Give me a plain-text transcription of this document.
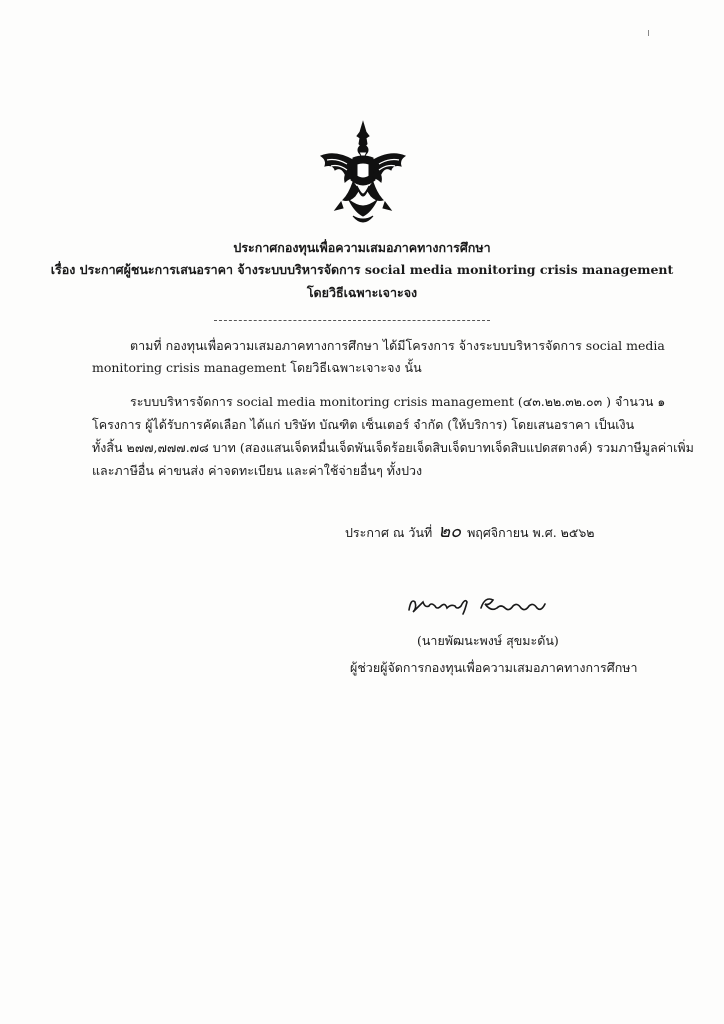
ประกาศกองทุนเพื่อความเสมอภาคทางการศึกษา
เรื่อง ประกาศผู้ชนะการเสนอราคา จ้างระบบบริหารจัดการ social media monitoring crisis management
โดยวิธีเฉพาะเจาะจง
ตามที่ กองทุนเพื่อความเสมอภาคทางการศึกษา ได้มีโครงการ จ้างระบบบริหารจัดการ social media
monitoring crisis management โดยวิธีเฉพาะเจาะจง นั้น
ระบบบริหารจัดการ social media monitoring crisis management (๔๓.๒๒.๓๒.๐๓ ) จำนวน ๑
โครงการ ผู้ได้รับการคัดเลือก ได้แก่ บริษัท บัณฑิต เซ็นเตอร์ จำกัด (ให้บริการ) โดยเสนอราคา เป็นเงิน
ทั้งสิ้น ๒๗๗,๗๗๗.๗๘ บาท (สองแสนเจ็ดหมื่นเจ็ดพันเจ็ดร้อยเจ็ดสิบเจ็ดบาทเจ็ดสิบแปดสตางค์) รวมภาษีมูลค่าเพิ่ม
และภาษีอื่น ค่าขนส่ง ค่าจดทะเบียน และค่าใช้จ่ายอื่นๆ ทั้งปวง
ประกาศ ณ วันที่ ๒๐ พฤศจิกายน พ.ศ. ๒๕๖๒
(นายพัฒนะพงษ์ สุขมะดัน)
ผู้ช่วยผู้จัดการกองทุนเพื่อความเสมอภาคทางการศึกษา
